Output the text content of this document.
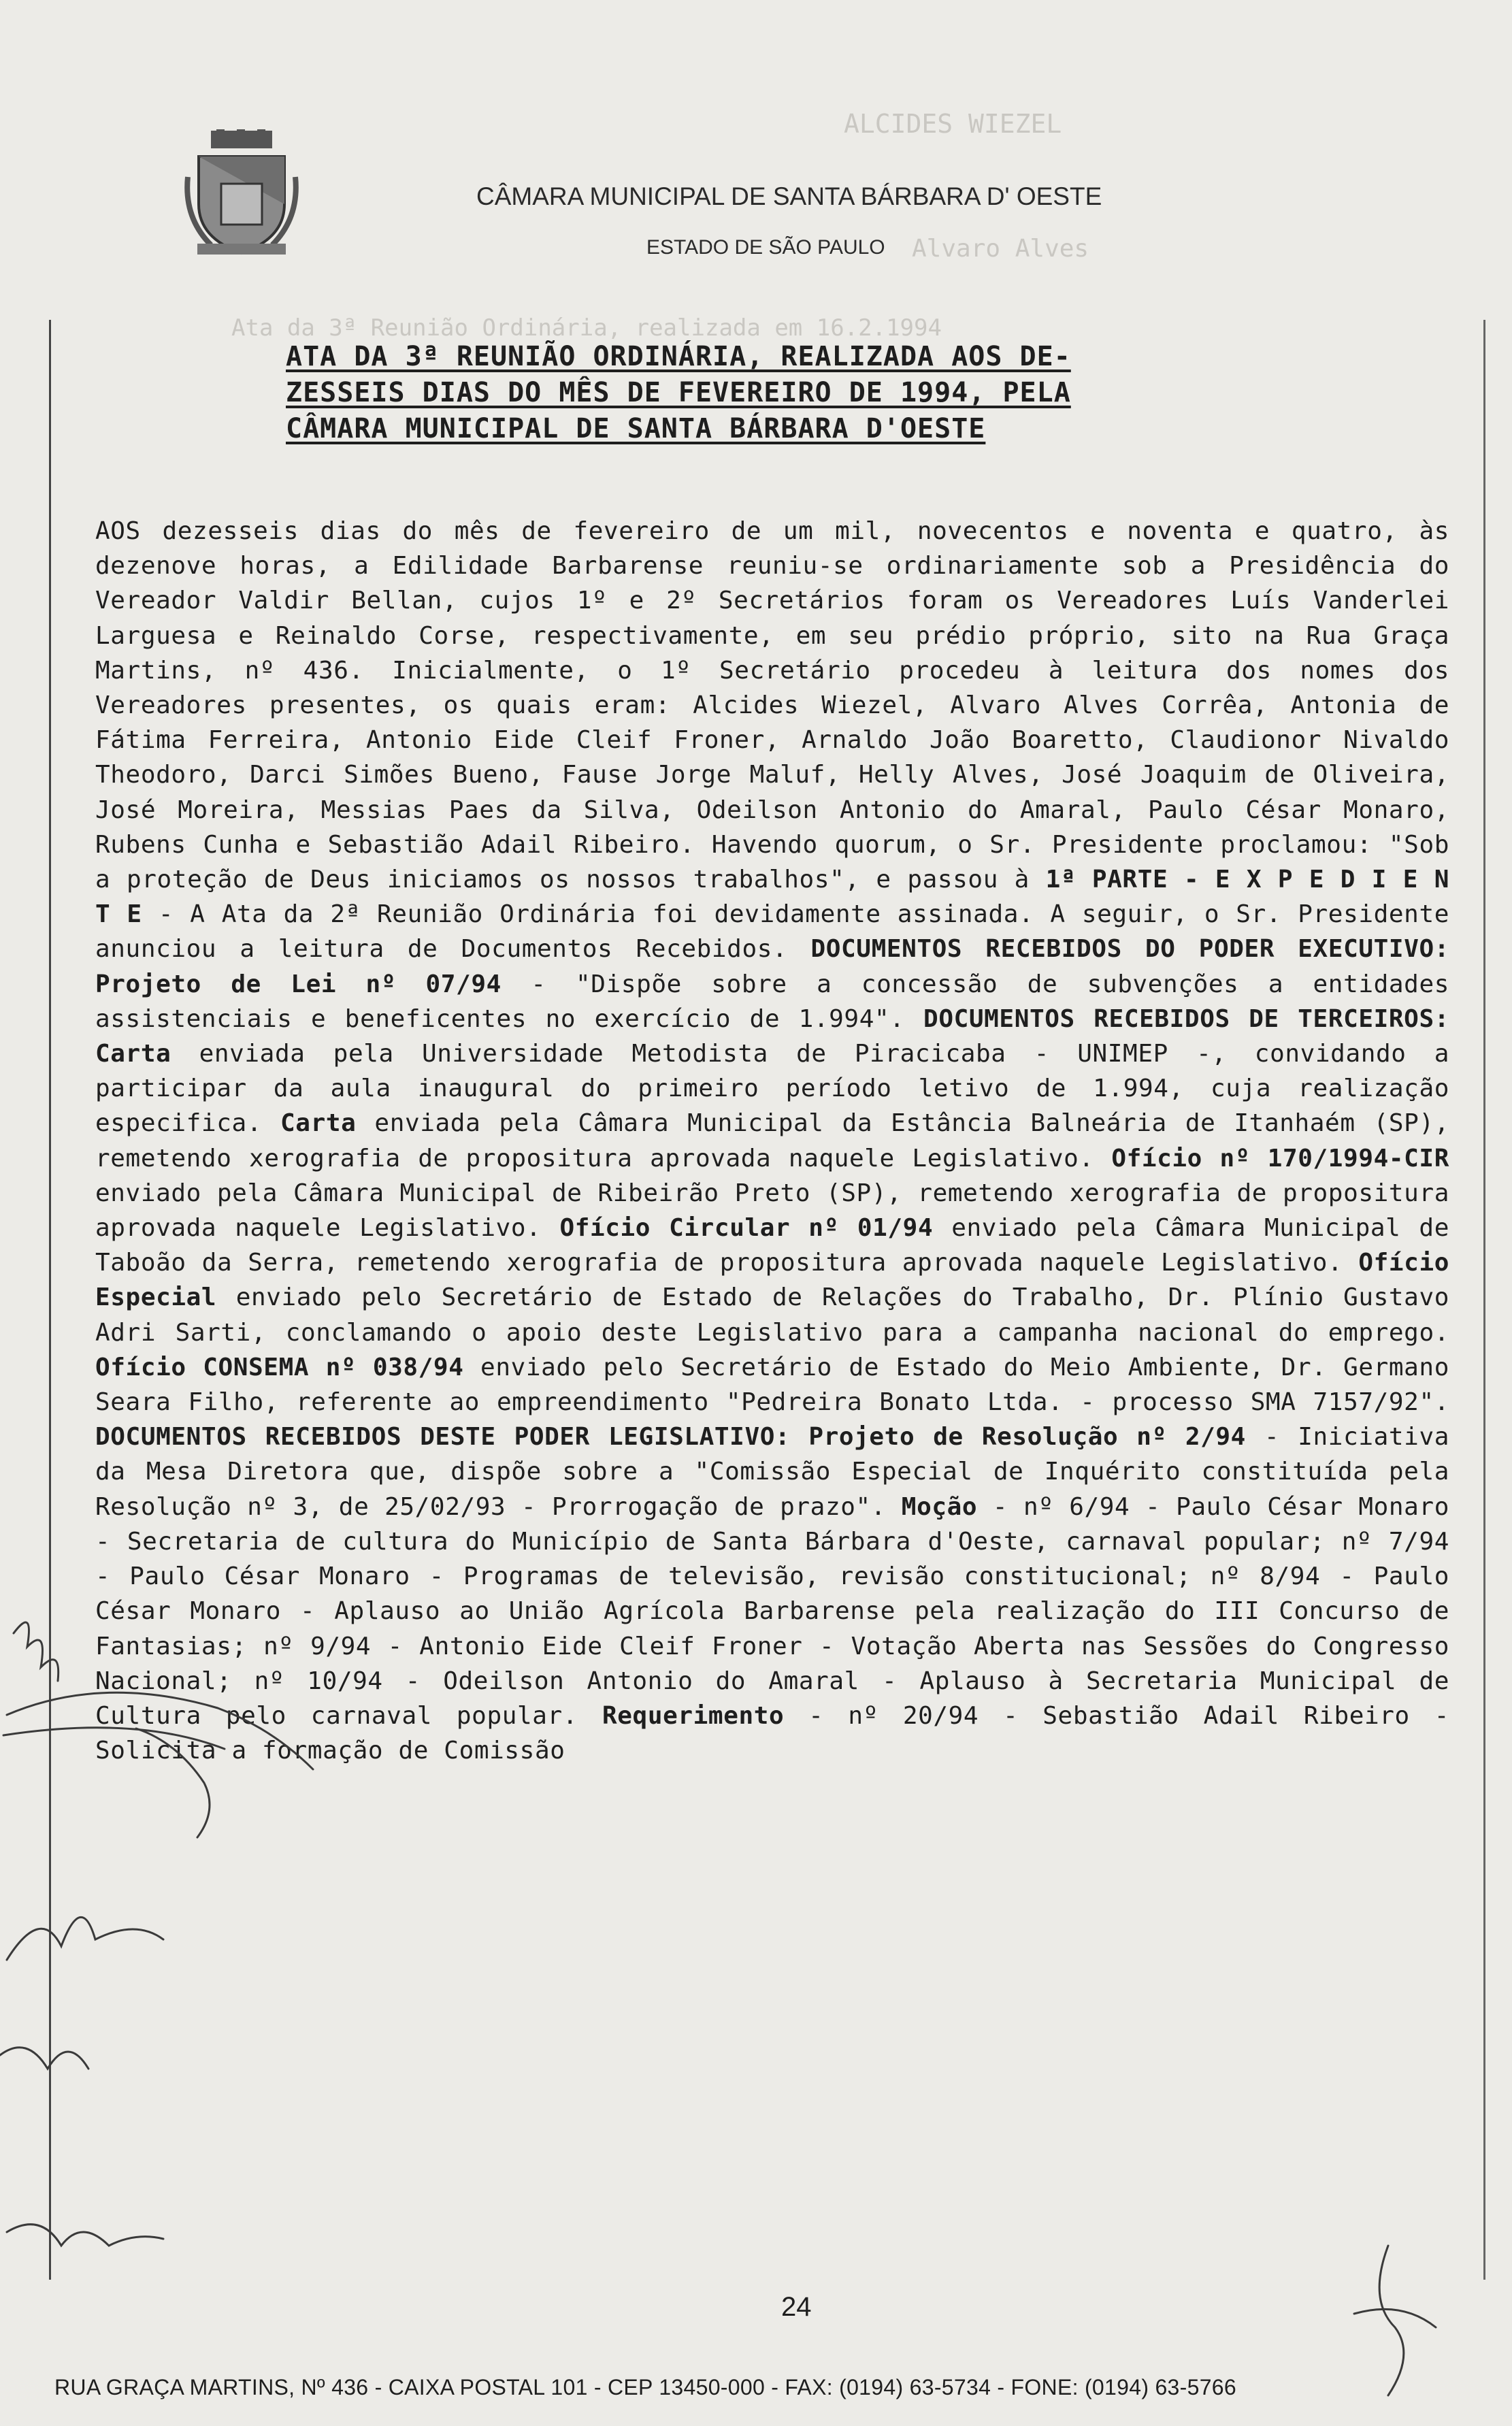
ALCIDES WIEZEL
Alvaro Alves
Ata da 3ª Reunião Ordinária, realizada em 16.2.1994
CÂMARA MUNICIPAL DE SANTA BÁRBARA D' OESTE
ESTADO DE SÃO PAULO
ATA DA 3ª REUNIÃO ORDINÁRIA, REALIZADA AOS DE-
ZESSEIS DIAS DO MÊS DE FEVEREIRO DE 1994, PELA
CÂMARA MUNICIPAL DE SANTA BÁRBARA D'OESTE
AOS dezesseis dias do mês de fevereiro de um mil, novecentos e noventa e quatro, às dezenove horas, a Edilidade Barbarense reuniu-se ordinariamente sob a Presidência do Vereador Valdir Bellan, cujos 1º e 2º Secretários foram os Vereadores Luís Vanderlei Larguesa e Reinaldo Corse, respectivamente, em seu prédio próprio, sito na Rua Graça Martins, nº 436. Inicialmente, o 1º Secretário procedeu à leitura dos nomes dos Vereadores presentes, os quais eram: Alcides Wiezel, Alvaro Alves Corrêa, Antonia de Fátima Ferreira, Antonio Eide Cleif Froner, Arnaldo João Boaretto, Claudionor Nivaldo Theodoro, Darci Simões Bueno, Fause Jorge Maluf, Helly Alves, José Joaquim de Oliveira, José Moreira, Messias Paes da Silva, Odeilson Antonio do Amaral, Paulo César Monaro, Rubens Cunha e Sebastião Adail Ribeiro. Havendo quorum, o Sr. Presidente proclamou: "Sob a proteção de Deus iniciamos os nossos trabalhos", e passou à 1ª PARTE - E X P E D I E N T E - A Ata da 2ª Reunião Ordinária foi devidamente assinada. A seguir, o Sr. Presidente anunciou a leitura de Documentos Recebidos. DOCUMENTOS RECEBIDOS DO PODER EXECUTIVO: Projeto de Lei nº 07/94 - "Dispõe sobre a concessão de subvenções a entidades assistenciais e beneficentes no exercício de 1.994". DOCUMENTOS RECEBIDOS DE TERCEIROS: Carta enviada pela Universidade Metodista de Piracicaba - UNIMEP -, convidando a participar da aula inaugural do primeiro período letivo de 1.994, cuja realização especifica. Carta enviada pela Câmara Municipal da Estância Balneária de Itanhaém (SP), remetendo xerografia de propositura aprovada naquele Legislativo. Ofício nº 170/1994-CIR enviado pela Câmara Municipal de Ribeirão Preto (SP), remetendo xerografia de propositura aprovada naquele Legislativo. Ofício Circular nº 01/94 enviado pela Câmara Municipal de Taboão da Serra, remetendo xerografia de propositura aprovada naquele Legislativo. Ofício Especial enviado pelo Secretário de Estado de Relações do Trabalho, Dr. Plínio Gustavo Adri Sarti, conclamando o apoio deste Legislativo para a campanha nacional do emprego. Ofício CONSEMA nº 038/94 enviado pelo Secretário de Estado do Meio Ambiente, Dr. Germano Seara Filho, referente ao empreendimento "Pedreira Bonato Ltda. - processo SMA 7157/92". DOCUMENTOS RECEBIDOS DESTE PODER LEGISLATIVO: Projeto de Resolução nº 2/94 - Iniciativa da Mesa Diretora que, dispõe sobre a "Comissão Especial de Inquérito constituída pela Resolução nº 3, de 25/02/93 - Prorrogação de prazo". Moção - nº 6/94 - Paulo César Monaro - Secretaria de cultura do Município de Santa Bárbara d'Oeste, carnaval popular; nº 7/94 - Paulo César Monaro - Programas de televisão, revisão constitucional; nº 8/94 - Paulo César Monaro - Aplauso ao União Agrícola Barbarense pela realização do III Concurso de Fantasias; nº 9/94 - Antonio Eide Cleif Froner - Votação Aberta nas Sessões do Congresso Nacional; nº 10/94 - Odeilson Antonio do Amaral - Aplauso à Secretaria Municipal de Cultura pelo carnaval popular. Requerimento - nº 20/94 - Sebastião Adail Ribeiro - Solicita a formação de Comissão
24
RUA GRAÇA MARTINS, Nº 436 - CAIXA POSTAL 101 - CEP 13450-000 - FAX: (0194) 63-5734 - FONE: (0194) 63-5766
